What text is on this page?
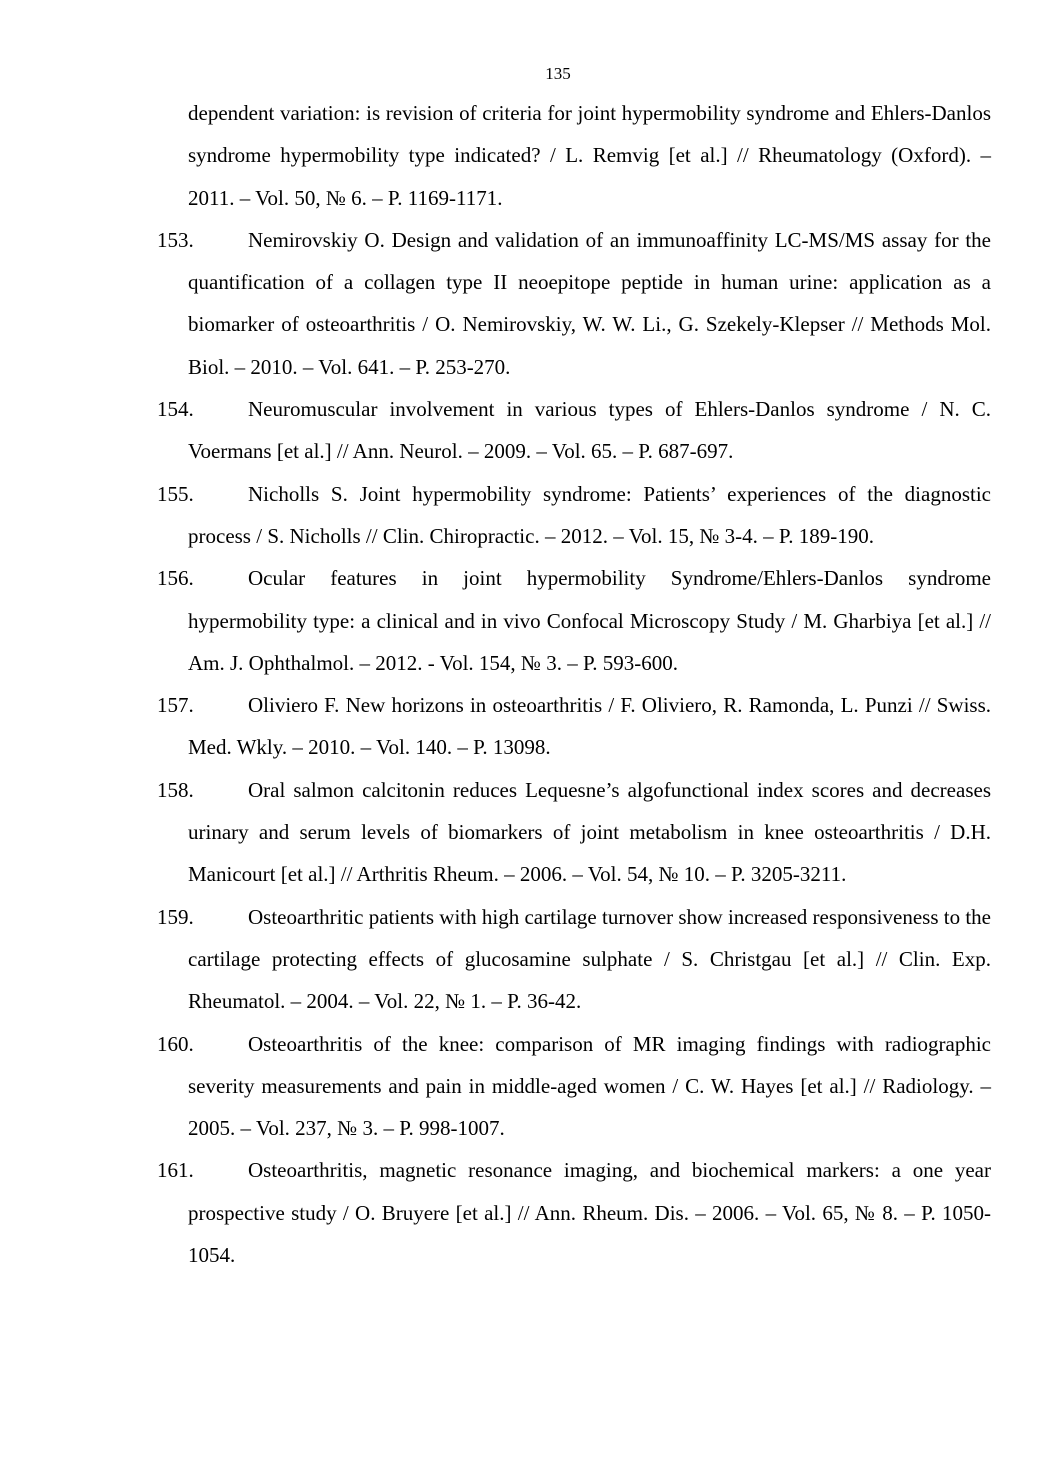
135
dependent variation: is revision of criteria for joint hypermobility syndrome and Ehlers-Danlos syndrome hypermobility type indicated? / L. Remvig [et al.] // Rheumatology (Oxford). – 2011. – Vol. 50, № 6. – P. 1169-1171.
153.	Nemirovskiy O. Design and validation of an immunoaffinity LC-MS/MS assay for the quantification of a collagen type II neoepitope peptide in human urine: application as a biomarker of osteoarthritis / O. Nemirovskiy, W. W. Li., G. Szekely-Klepser // Methods Mol. Biol. – 2010. – Vol. 641. – P. 253-270.
154.	Neuromuscular involvement in various types of Ehlers-Danlos syndrome / N. C. Voermans [et al.] // Ann. Neurol. – 2009. – Vol. 65. – P. 687-697.
155.	Nicholls S. Joint hypermobility syndrome: Patients’ experiences of the diagnostic process / S. Nicholls // Clin. Chiropractic. – 2012. – Vol. 15, № 3-4. – P. 189-190.
156.	Ocular features in joint hypermobility Syndrome/Ehlers-Danlos syndrome hypermobility type: a clinical and in vivo Confocal Microscopy Study / M. Gharbiya [et al.] // Am. J. Ophthalmol. – 2012. - Vol. 154, № 3. – P. 593-600.
157.	Oliviero F. New horizons in osteoarthritis / F. Oliviero, R. Ramonda, L. Punzi // Swiss. Med. Wkly. – 2010. – Vol. 140. – P. 13098.
158.	Oral salmon calcitonin reduces Lequesne’s algofunctional index scores and decreases urinary and serum levels of biomarkers of joint metabolism in knee osteoarthritis / D.H. Manicourt [et al.] // Arthritis Rheum. – 2006. – Vol. 54, № 10. – P. 3205-3211.
159.	Osteoarthritic patients with high cartilage turnover show increased responsiveness to the cartilage protecting effects of glucosamine sulphate / S. Christgau [et al.] // Clin. Exp. Rheumatol. – 2004. – Vol. 22, № 1. – P. 36-42.
160.	Osteoarthritis of the knee: comparison of MR imaging findings with radiographic severity measurements and pain in middle-aged women / C. W. Hayes [et al.] // Radiology. – 2005. – Vol. 237, № 3. – P. 998-1007.
161.	Osteoarthritis, magnetic resonance imaging, and biochemical markers: a one year prospective study / O. Bruyere [et al.] // Ann. Rheum. Dis. – 2006. – Vol. 65, № 8. – P. 1050-1054.
